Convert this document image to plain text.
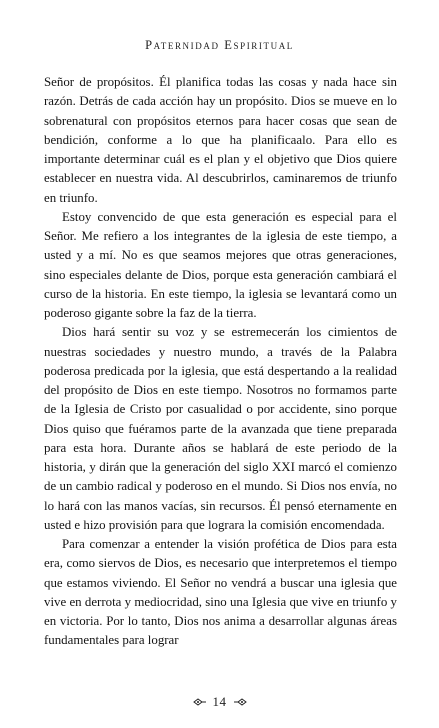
Paternidad Espiritual

Señor de propósitos. Él planifica todas las cosas y nada hace sin razón. Detrás de cada acción hay un propósito. Dios se mueve en lo sobrenatural con propósitos eternos para hacer cosas que sean de bendición, conforme a lo que ha planificaalo. Para ello es importante determinar cuál es el plan y el objetivo que Dios quiere establecer en nuestra vida. Al descubrirlos, caminaremos de triunfo en triunfo.

Estoy convencido de que esta generación es especial para el Señor. Me refiero a los integrantes de la iglesia de este tiempo, a usted y a mí. No es que seamos mejores que otras generaciones, sino especiales delante de Dios, porque esta generación cambiará el curso de la historia. En este tiempo, la iglesia se levantará como un poderoso gigante sobre la faz de la tierra.

Dios hará sentir su voz y se estremecerán los cimientos de nuestras sociedades y nuestro mundo, a través de la Palabra poderosa predicada por la iglesia, que está despertando a la realidad del propósito de Dios en este tiempo. Nosotros no formamos parte de la Iglesia de Cristo por casualidad o por accidente, sino porque Dios quiso que fuéramos parte de la avanzada que tiene preparada para esta hora. Durante años se hablará de este periodo de la historia, y dirán que la generación del siglo XXI marcó el comienzo de un cambio radical y poderoso en el mundo. Si Dios nos envía, no lo hará con las manos vacías, sin recursos. Él pensó eternamente en usted e hizo provisión para que lograra la comisión encomendada.

Para comenzar a entender la visión profética de Dios para esta era, como siervos de Dios, es necesario que interpretemos el tiempo que estamos viviendo. El Señor no vendrá a buscar una iglesia que vive en derrota y mediocridad, sino una Iglesia que vive en triunfo y en victoria. Por lo tanto, Dios nos anima a desarrollar algunas áreas fundamentales para lograr

14
